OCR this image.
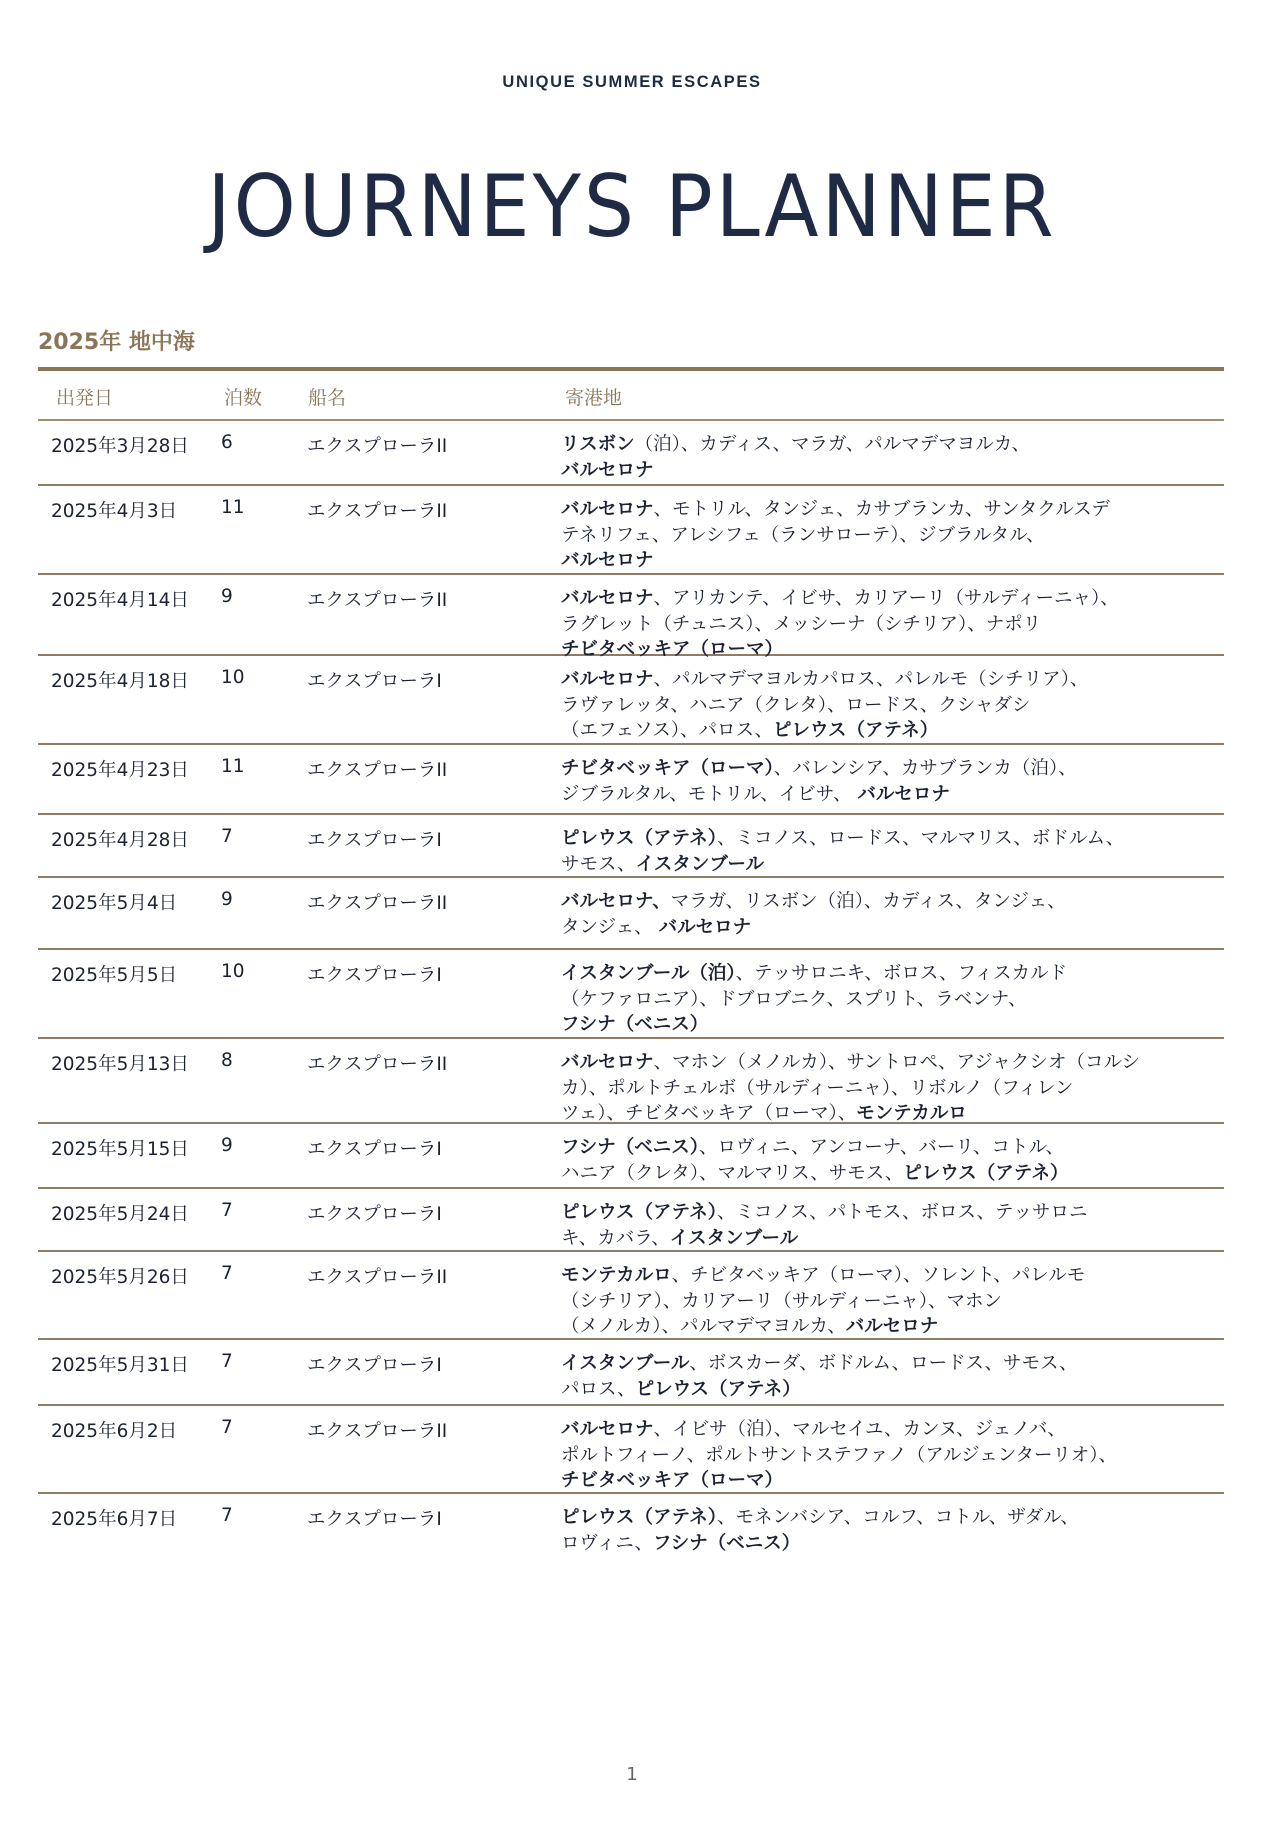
UNIQUE SUMMER ESCAPES
JOURNEYS PLANNER
2025年 地中海
出発日	泊数 船名	寄港地
2025年3月28日 6	エクスプローラII	リスボン（泊）、カディス、マラガ、パルマデマヨルカ、
バルセロナ
2025年4月3日 11	エクスプローラII	バルセロナ、モトリル、タンジェ、カサブランカ、サンタクルスデ
テネリフェ、アレシフェ（ランサローテ）、ジブラルタル、
バルセロナ
2025年4月14日 9	エクスプローラII	バルセロナ、アリカンテ、イビサ、カリアーリ（サルディーニャ）、
ラグレット（チュニス）、メッシーナ（シチリア）、ナポリ
チビタベッキア（ローマ）
2025年4月18日 10	エクスプローラI	バルセロナ、パルマデマヨルカパロス、パレルモ（シチリア）、
ラヴァレッタ、ハニア（クレタ）、ロードス、クシャダシ
（エフェソス）、パロス、ピレウス（アテネ）
2025年4月23日 11	エクスプローラII	チビタベッキア（ローマ）、バレンシア、カサブランカ（泊）、
ジブラルタル、モトリル、イビサ、 バルセロナ
2025年4月28日 7	エクスプローラI	ピレウス（アテネ）、ミコノス、ロードス、マルマリス、ボドルム、
サモス、イスタンブール
2025年5月4日 9	エクスプローラII	バルセロナ、マラガ、リスボン（泊）、カディス、タンジェ、
タンジェ、 バルセロナ
2025年5月5日 10	エクスプローラI	イスタンブール（泊）、テッサロニキ、ボロス、フィスカルド
（ケファロニア）、ドブロブニク、スプリト、ラベンナ、
フシナ（ベニス）
2025年5月13日 8	エクスプローラII	バルセロナ、マホン（メノルカ）、サントロペ、アジャクシオ（コルシ
カ）、ポルトチェルボ（サルディーニャ）、リボルノ（フィレン
ツェ）、チビタベッキア（ローマ）、モンテカルロ
2025年5月15日 9	エクスプローラI	フシナ（ベニス）、ロヴィニ、アンコーナ、バーリ、コトル、
ハニア（クレタ）、マルマリス、サモス、ピレウス（アテネ）
2025年5月24日 7	エクスプローラI	ピレウス（アテネ）、ミコノス、パトモス、ボロス、テッサロニ
キ、カバラ、イスタンブール
2025年5月26日 7	エクスプローラII	モンテカルロ、チビタベッキア（ローマ）、ソレント、パレルモ
（シチリア）、カリアーリ（サルディーニャ）、マホン
（メノルカ）、パルマデマヨルカ、バルセロナ
2025年5月31日 7	エクスプローラI	イスタンブール、ボスカーダ、ボドルム、ロードス、サモス、
パロス、ピレウス（アテネ）
2025年6月2日 7	エクスプローラII	バルセロナ、イビサ（泊）、マルセイユ、カンヌ、ジェノバ、
ポルトフィーノ、ポルトサントステファノ（アルジェンターリオ）、
チビタベッキア（ローマ）
2025年6月7日 7	エクスプローラI	ピレウス（アテネ）、モネンバシア、コルフ、コトル、ザダル、
ロヴィニ、フシナ（ベニス）
1
